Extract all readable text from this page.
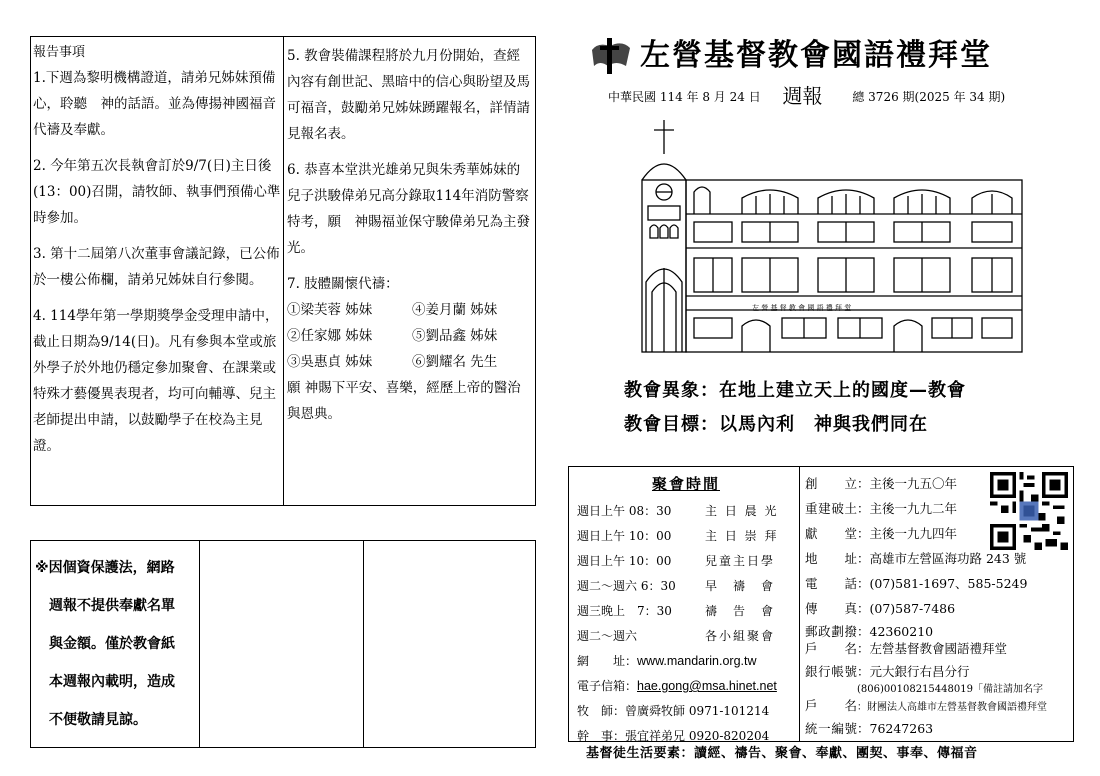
報告事項
1.下週為黎明機構證道，請弟兄姊妹預備心，聆聽　神的話語。並為傳揚神國福音代禱及奉獻。
2. 今年第五次長執會訂於9/7(日)主日後(13：00)召開，請牧師、執事們預備心準時參加。
3. 第十二屆第八次董事會議記錄，已公佈於一樓公佈欄，請弟兄姊妹自行參閱。
4. 114學年第一學期獎學金受理申請中，截止日期為9/14(日)。凡有參與本堂或旅外學子於外地仍穩定參加聚會、在課業或特殊才藝優異表現者，均可向輔導、兒主老師提出申請，以鼓勵學子在校為主見證。
5. 教會裝備課程將於九月份開始，查經內容有創世記、黑暗中的信心與盼望及馬可福音，鼓勵弟兄姊妹踴躍報名，詳情請見報名表。
6. 恭喜本堂洪光雄弟兄與朱秀華姊妹的兒子洪駿偉弟兄高分錄取114年消防警察特考，願　神賜福並保守駿偉弟兄為主發光。
7. 肢體關懷代禱：
①梁芙蓉 姊妹	④姜月蘭 姊妹
②任家娜 姊妹	⑤劉品鑫 姊妹
③吳惠貞 姊妹	⑥劉耀名 先生
願 神賜下平安、喜樂，經歷上帝的醫治與恩典。
※因個資保護法，網路
週報不提供奉獻名單
與金額。僅於教會紙
本週報內載明，造成
不便敬請見諒。
左營基督教會國語禮拜堂
中華民國 114 年 8 月 24 日 週報 總 3726 期(2025 年 34 期)
左 營 基 督 教 會 國 語 禮 拜 堂
教會異象：在地上建立天上的國度—教會
教會目標：以馬內利　神與我們同在
聚會時間
週日上午 08：30	主 日 晨 光
週日上午 10：00	主 日 崇 拜
週日上午 10：00	兒童主日學
週二～週六 6：30	早　禱　會
週三晚上　7：30	禱　告　會
週二～週六	各小組聚會
網　　址：www.mandarin.org.tw
電子信箱：hae.gong@msa.hinet.net
牧　師：曾廣舜牧師 0971-101214
幹　事：張宜祥弟兄 0920-820204
創　　立：主後一九五〇年
重建破土：主後一九九二年
獻　　堂：主後一九九四年
地　　址：高雄市左營區海功路 243 號
電　　話：(07)581-1697、585-5249
傳　　真：(07)587-7486
郵政劃撥：42360210
戶　　名：左營基督教會國語禮拜堂
銀行帳號：元大銀行右昌分行
(806)00108215448019「備註請加名字
戶　　名：財團法人高雄市左營基督教會國語禮拜堂
統一編號：76247263
基督徒生活要素：讀經、禱告、聚會、奉獻、團契、事奉、傳福音
